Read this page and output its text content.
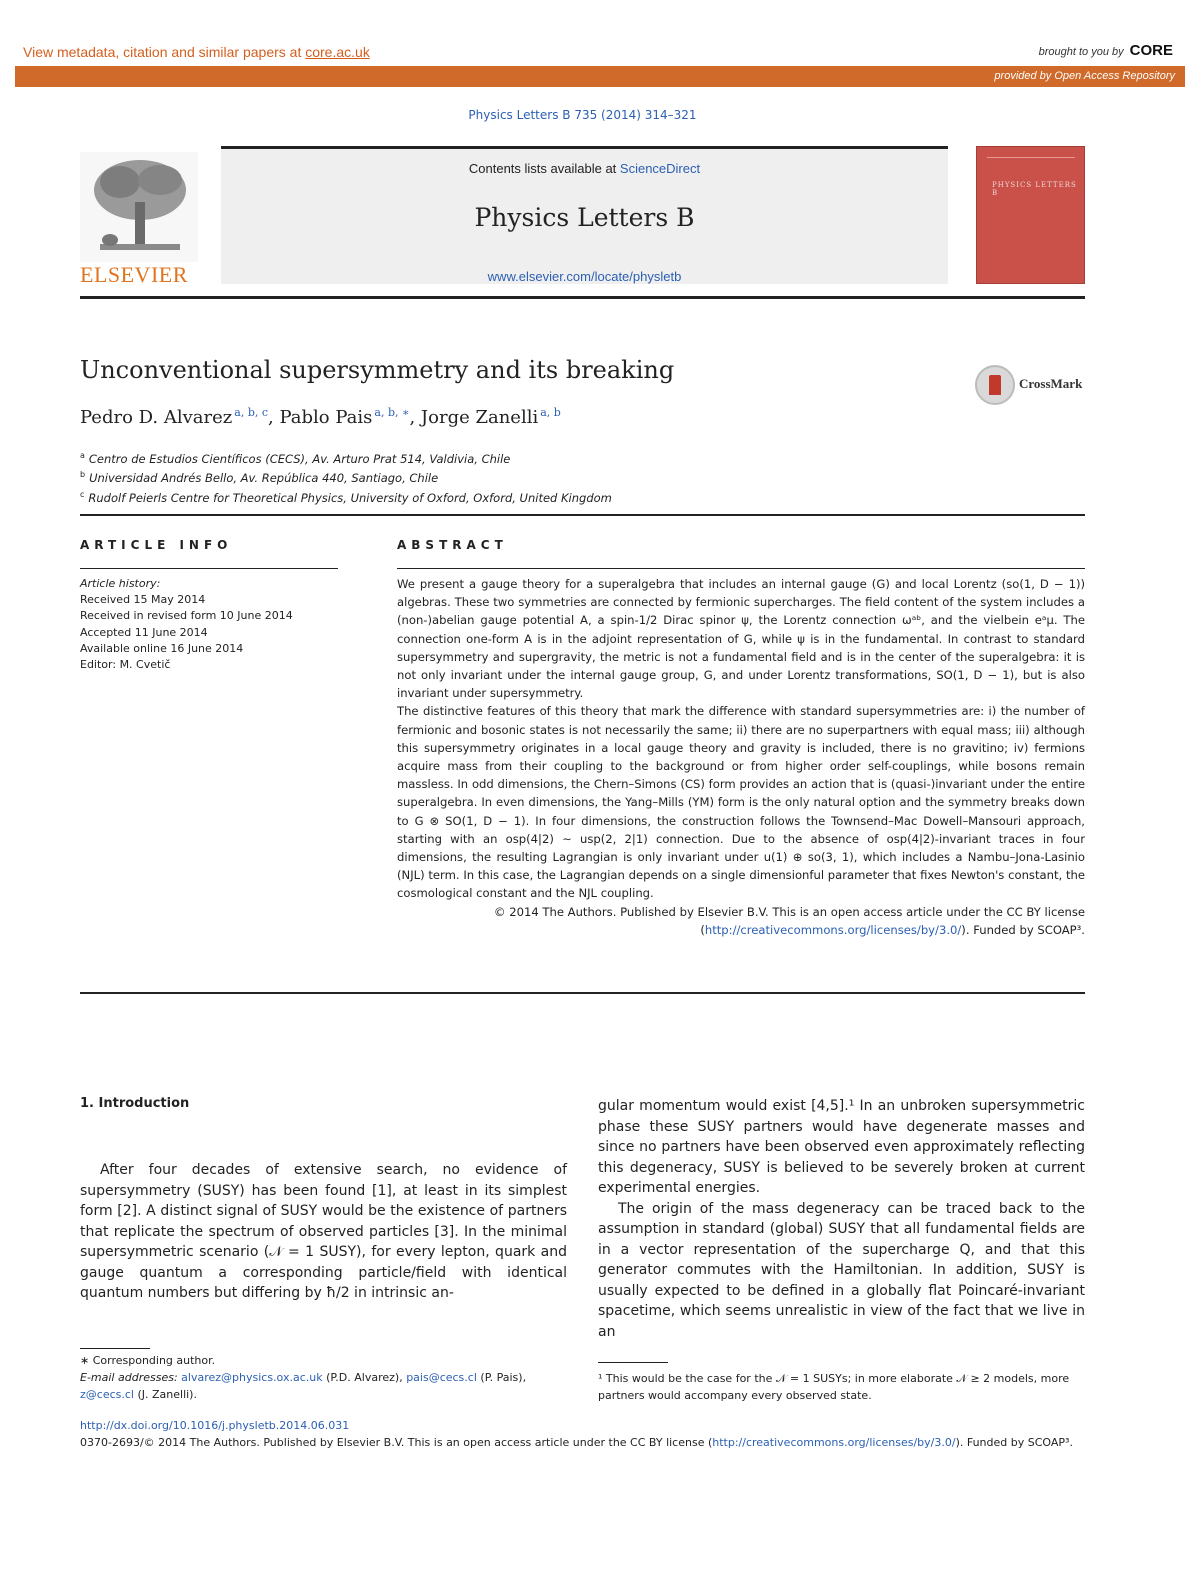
View metadata, citation and similar papers at core.ac.uk	brought to you by CORE
provided by Open Access Repository
Physics Letters B 735 (2014) 314–321
ELSEVIER
Contents lists available at ScienceDirect
Physics Letters B
www.elsevier.com/locate/physletb
PHYSICS LETTERS B
Unconventional supersymmetry and its breaking	CrossMark
Pedro D. Alvarez $^{a, b, c}$, Pablo Pais $^{a, b, ∗}$, Jorge Zanelli $^{a, b}$
$^a$ Centro de Estudios Científicos (CECS), Av. Arturo Prat 514, Valdivia, Chile
$^b$ Universidad Andrés Bello, Av. República 440, Santiago, Chile
$^c$ Rudolf Peierls Centre for Theoretical Physics, University of Oxford, Oxford, United Kingdom
ARTICLE INFO
Article history:
Received 15 May 2014
Received in revised form 10 June 2014
Accepted 11 June 2014
Available online 16 June 2014
Editor: M. Cvetič
ABSTRACT

We present a gauge theory for a superalgebra that includes an internal gauge (G) and local Lorentz (so(1, D − 1)) algebras. These two symmetries are connected by fermionic supercharges. The field content of the system includes a (non-)abelian gauge potential A, a spin-1/2 Dirac spinor ψ, the Lorentz connection ωᵃᵇ, and the vielbein eᵃμ. The connection one-form A is in the adjoint representation of G, while ψ is in the fundamental. In contrast to standard supersymmetry and supergravity, the metric is not a fundamental field and is in the center of the superalgebra: it is not only invariant under the internal gauge group, G, and under Lorentz transformations, SO(1, D − 1), but is also invariant under supersymmetry.

The distinctive features of this theory that mark the difference with standard supersymmetries are: i) the number of fermionic and bosonic states is not necessarily the same; ii) there are no superpartners with equal mass; iii) although this supersymmetry originates in a local gauge theory and gravity is included, there is no gravitino; iv) fermions acquire mass from their coupling to the background or from higher order self-couplings, while bosons remain massless. In odd dimensions, the Chern–Simons (CS) form provides an action that is (quasi-)invariant under the entire superalgebra. In even dimensions, the Yang–Mills (YM) form is the only natural option and the symmetry breaks down to G ⊗ SO(1, D − 1). In four dimensions, the construction follows the Townsend–Mac Dowell–Mansouri approach, starting with an osp(4|2) ∼ usp(2, 2|1) connection. Due to the absence of osp(4|2)-invariant traces in four dimensions, the resulting Lagrangian is only invariant under u(1) ⊕ so(3, 1), which includes a Nambu–Jona-Lasinio (NJL) term. In this case, the Lagrangian depends on a single dimensionful parameter that fixes Newton's constant, the cosmological constant and the NJL coupling.

© 2014 The Authors. Published by Elsevier B.V. This is an open access article under the CC BY license
(http://creativecommons.org/licenses/by/3.0/). Funded by SCOAP³.

1. Introduction

After four decades of extensive search, no evidence of supersymmetry (SUSY) has been found [1], at least in its simplest form [2]. A distinct signal of SUSY would be the existence of partners that replicate the spectrum of observed particles [3]. In the minimal supersymmetric scenario (𝒩 = 1 SUSY), for every lepton, quark and gauge quantum a corresponding particle/field with identical quantum numbers but differing by ħ/2 in intrinsic an-

gular momentum would exist [4,5].¹ In an unbroken supersymmetric phase these SUSY partners would have degenerate masses and since no partners have been observed even approximately reflecting this degeneracy, SUSY is believed to be severely broken at current experimental energies.

The origin of the mass degeneracy can be traced back to the assumption in standard (global) SUSY that all fundamental fields are in a vector representation of the supercharge Q, and that this generator commutes with the Hamiltonian. In addition, SUSY is usually expected to be defined in a globally flat Poincaré-invariant spacetime, which seems unrealistic in view of the fact that we live in an

∗ Corresponding author.
E-mail addresses: alvarez@physics.ox.ac.uk (P.D. Alvarez), pais@cecs.cl (P. Pais),
z@cecs.cl (J. Zanelli).
¹ This would be the case for the 𝒩 = 1 SUSYs; in more elaborate 𝒩 ≥ 2 models, more partners would accompany every observed state.
http://dx.doi.org/10.1016/j.physletb.2014.06.031
0370-2693/© 2014 The Authors. Published by Elsevier B.V. This is an open access article under the CC BY license (http://creativecommons.org/licenses/by/3.0/). Funded by SCOAP³.
